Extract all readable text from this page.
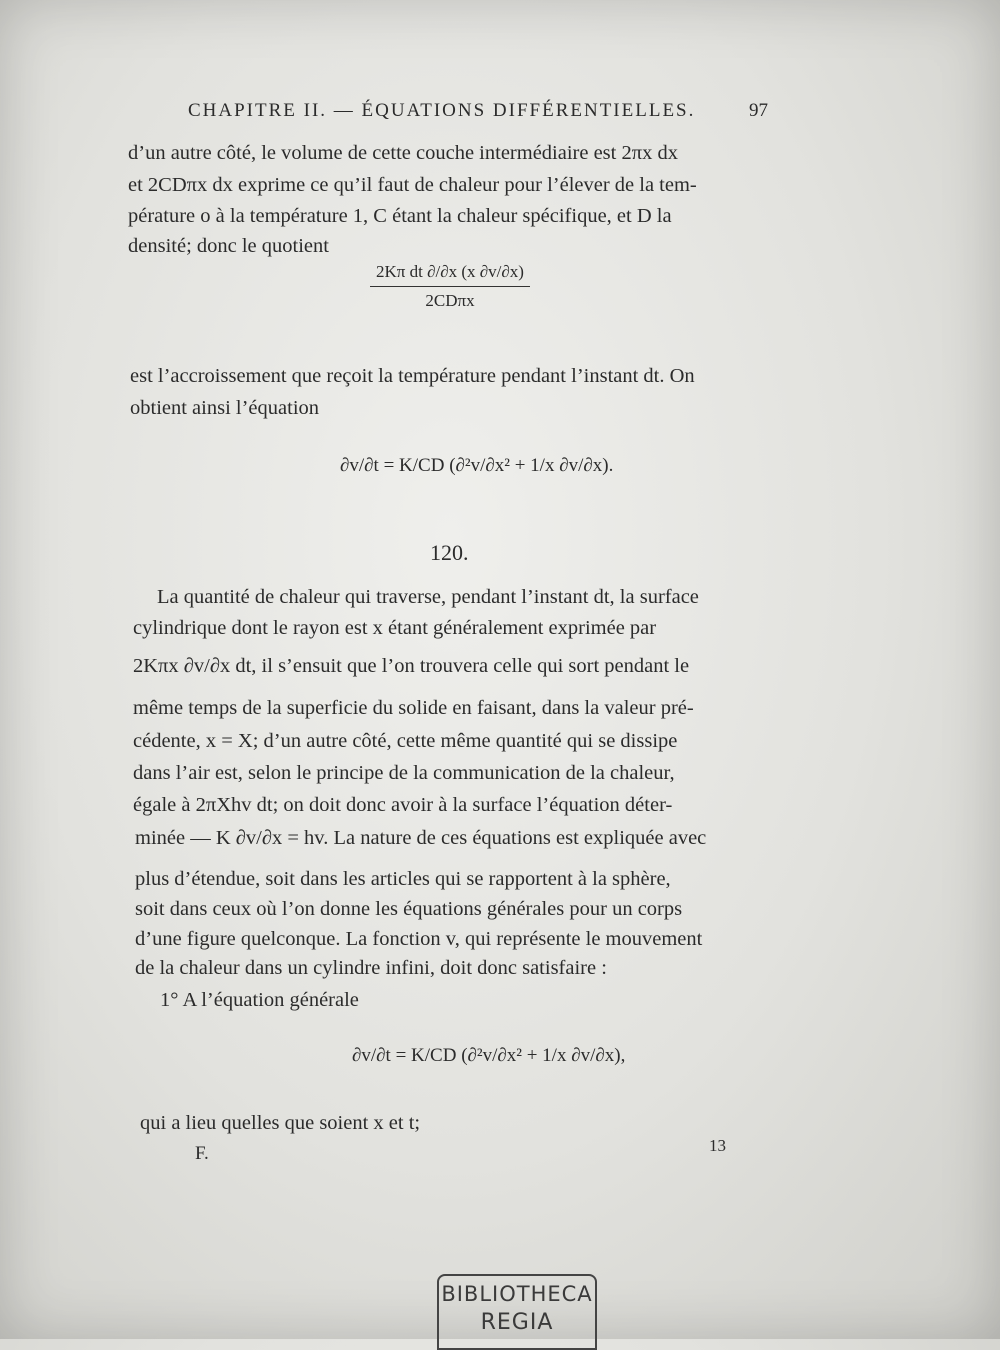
CHAPITRE II. — ÉQUATIONS DIFFÉRENTIELLES.	97
d’un autre côté, le volume de cette couche intermédiaire est 2πx dx
et 2CDπx dx exprime ce qu’il faut de chaleur pour l’élever de la tem-
pérature o à la température 1, C étant la chaleur spécifique, et D la
densité; donc le quotient
2Kπ dt ∂/∂x (x ∂v/∂x)
2CDπx
est l’accroissement que reçoit la température pendant l’instant dt. On
obtient ainsi l’équation
∂v/∂t = K/CD (∂²v/∂x² + 1/x ∂v/∂x).
120.
La quantité de chaleur qui traverse, pendant l’instant dt, la surface
cylindrique dont le rayon est x étant généralement exprimée par
2Kπx ∂v/∂x dt, il s’ensuit que l’on trouvera celle qui sort pendant le
même temps de la superficie du solide en faisant, dans la valeur pré-
cédente, x = X; d’un autre côté, cette même quantité qui se dissipe
dans l’air est, selon le principe de la communication de la chaleur,
égale à 2πXhv dt; on doit donc avoir à la surface l’équation déter-
minée — K ∂v/∂x = hv. La nature de ces équations est expliquée avec
plus d’étendue, soit dans les articles qui se rapportent à la sphère,
soit dans ceux où l’on donne les équations générales pour un corps
d’une figure quelconque. La fonction v, qui représente le mouvement
de la chaleur dans un cylindre infini, doit donc satisfaire :
1° A l’équation générale
∂v/∂t = K/CD (∂²v/∂x² + 1/x ∂v/∂x),
qui a lieu quelles que soient x et t;
F.	13
BIBLIOTHECA
REGIA
